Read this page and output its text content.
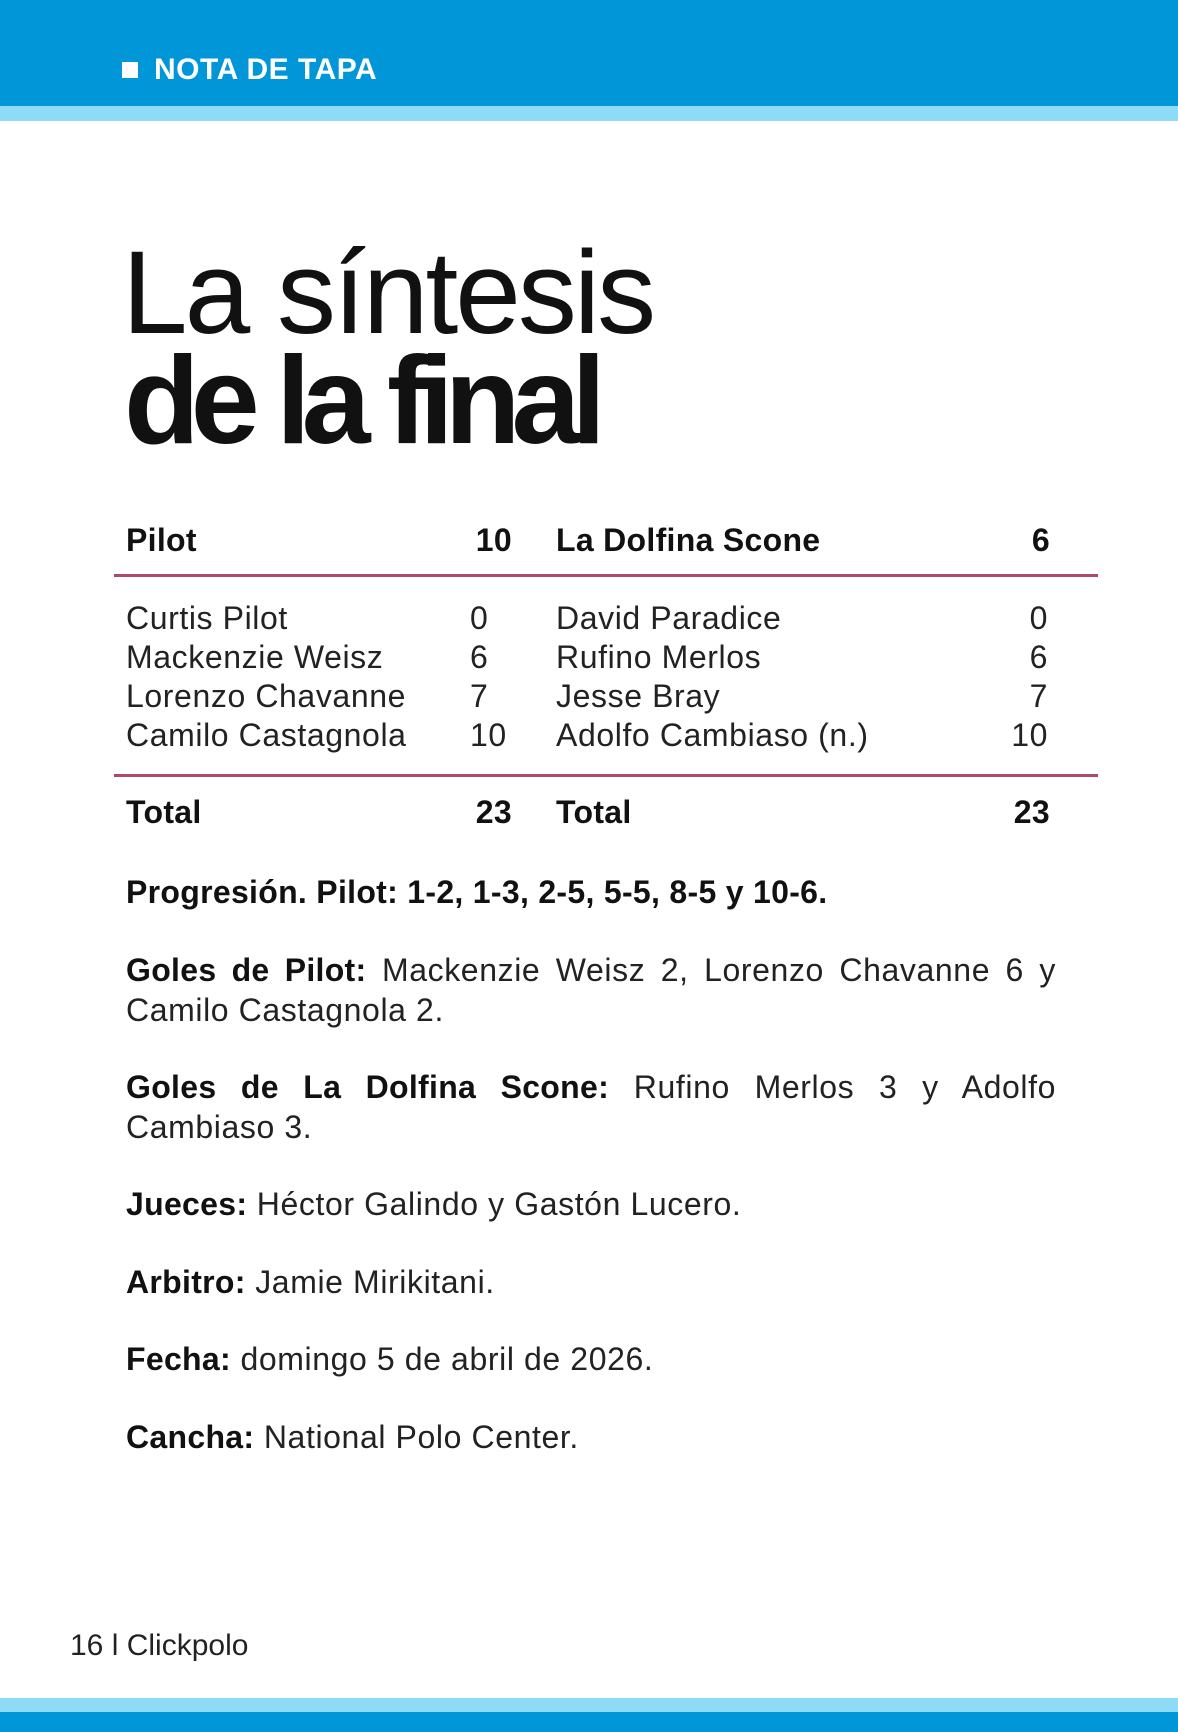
NOTA DE TAPA
La síntesis
de la final
Pilot	10 La Dolfina Scone	6
Curtis Pilot	0	David Paradice	0
Mackenzie Weisz	6	Rufino Merlos	6
Lorenzo Chavanne 7	Jesse Bray	7
Camilo Castagnola 10	Adolfo Cambiaso (n.)	10
Total	23 Total	23
Progresión. Pilot: 1-2, 1-3, 2-5, 5-5, 8-5 y 10-6.
Goles de Pilot: Mackenzie Weisz 2, Lorenzo Chavanne 6 y Camilo Castagnola 2.
Goles de La Dolfina Scone: Rufino Merlos 3 y Adolfo Cambiaso 3.
Jueces: Héctor Galindo y Gastón Lucero.
Arbitro: Jamie Mirikitani.
Fecha: domingo 5 de abril de 2026.
Cancha: National Polo Center.
16 l Clickpolo
